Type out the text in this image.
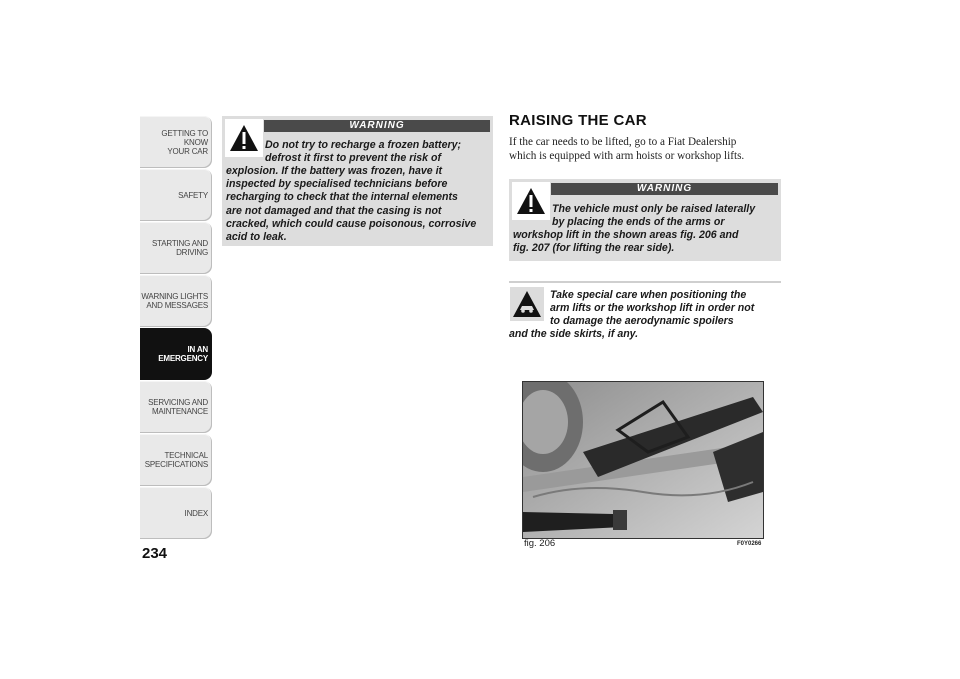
GETTING TO KNOW
YOUR CAR
SAFETY
STARTING AND
DRIVING
WARNING LIGHTS
AND MESSAGES
IN AN
EMERGENCY
SERVICING AND
MAINTENANCE
TECHNICAL
SPECIFICATIONS
INDEX
234
WARNING
Do not try to recharge a frozen battery;
defrost it first to prevent the risk of
explosion. If the battery was frozen, have it
inspected by specialised technicians before
recharging to check that the internal elements
are not damaged and that the casing is not
cracked, which could cause poisonous, corrosive
acid to leak.
RAISING THE CAR
If the car needs to be lifted, go to a Fiat Dealership
which is equipped with arm hoists or workshop lifts.
WARNING
The vehicle must only be raised laterally
by placing the ends of the arms or
workshop lift in the shown areas fig. 206 and
fig. 207 (for lifting the rear side).
Take special care when positioning the
arm lifts or the workshop lift in order not
to damage the aerodynamic spoilers
and the side skirts, if any.
fig. 206	F0Y0266
